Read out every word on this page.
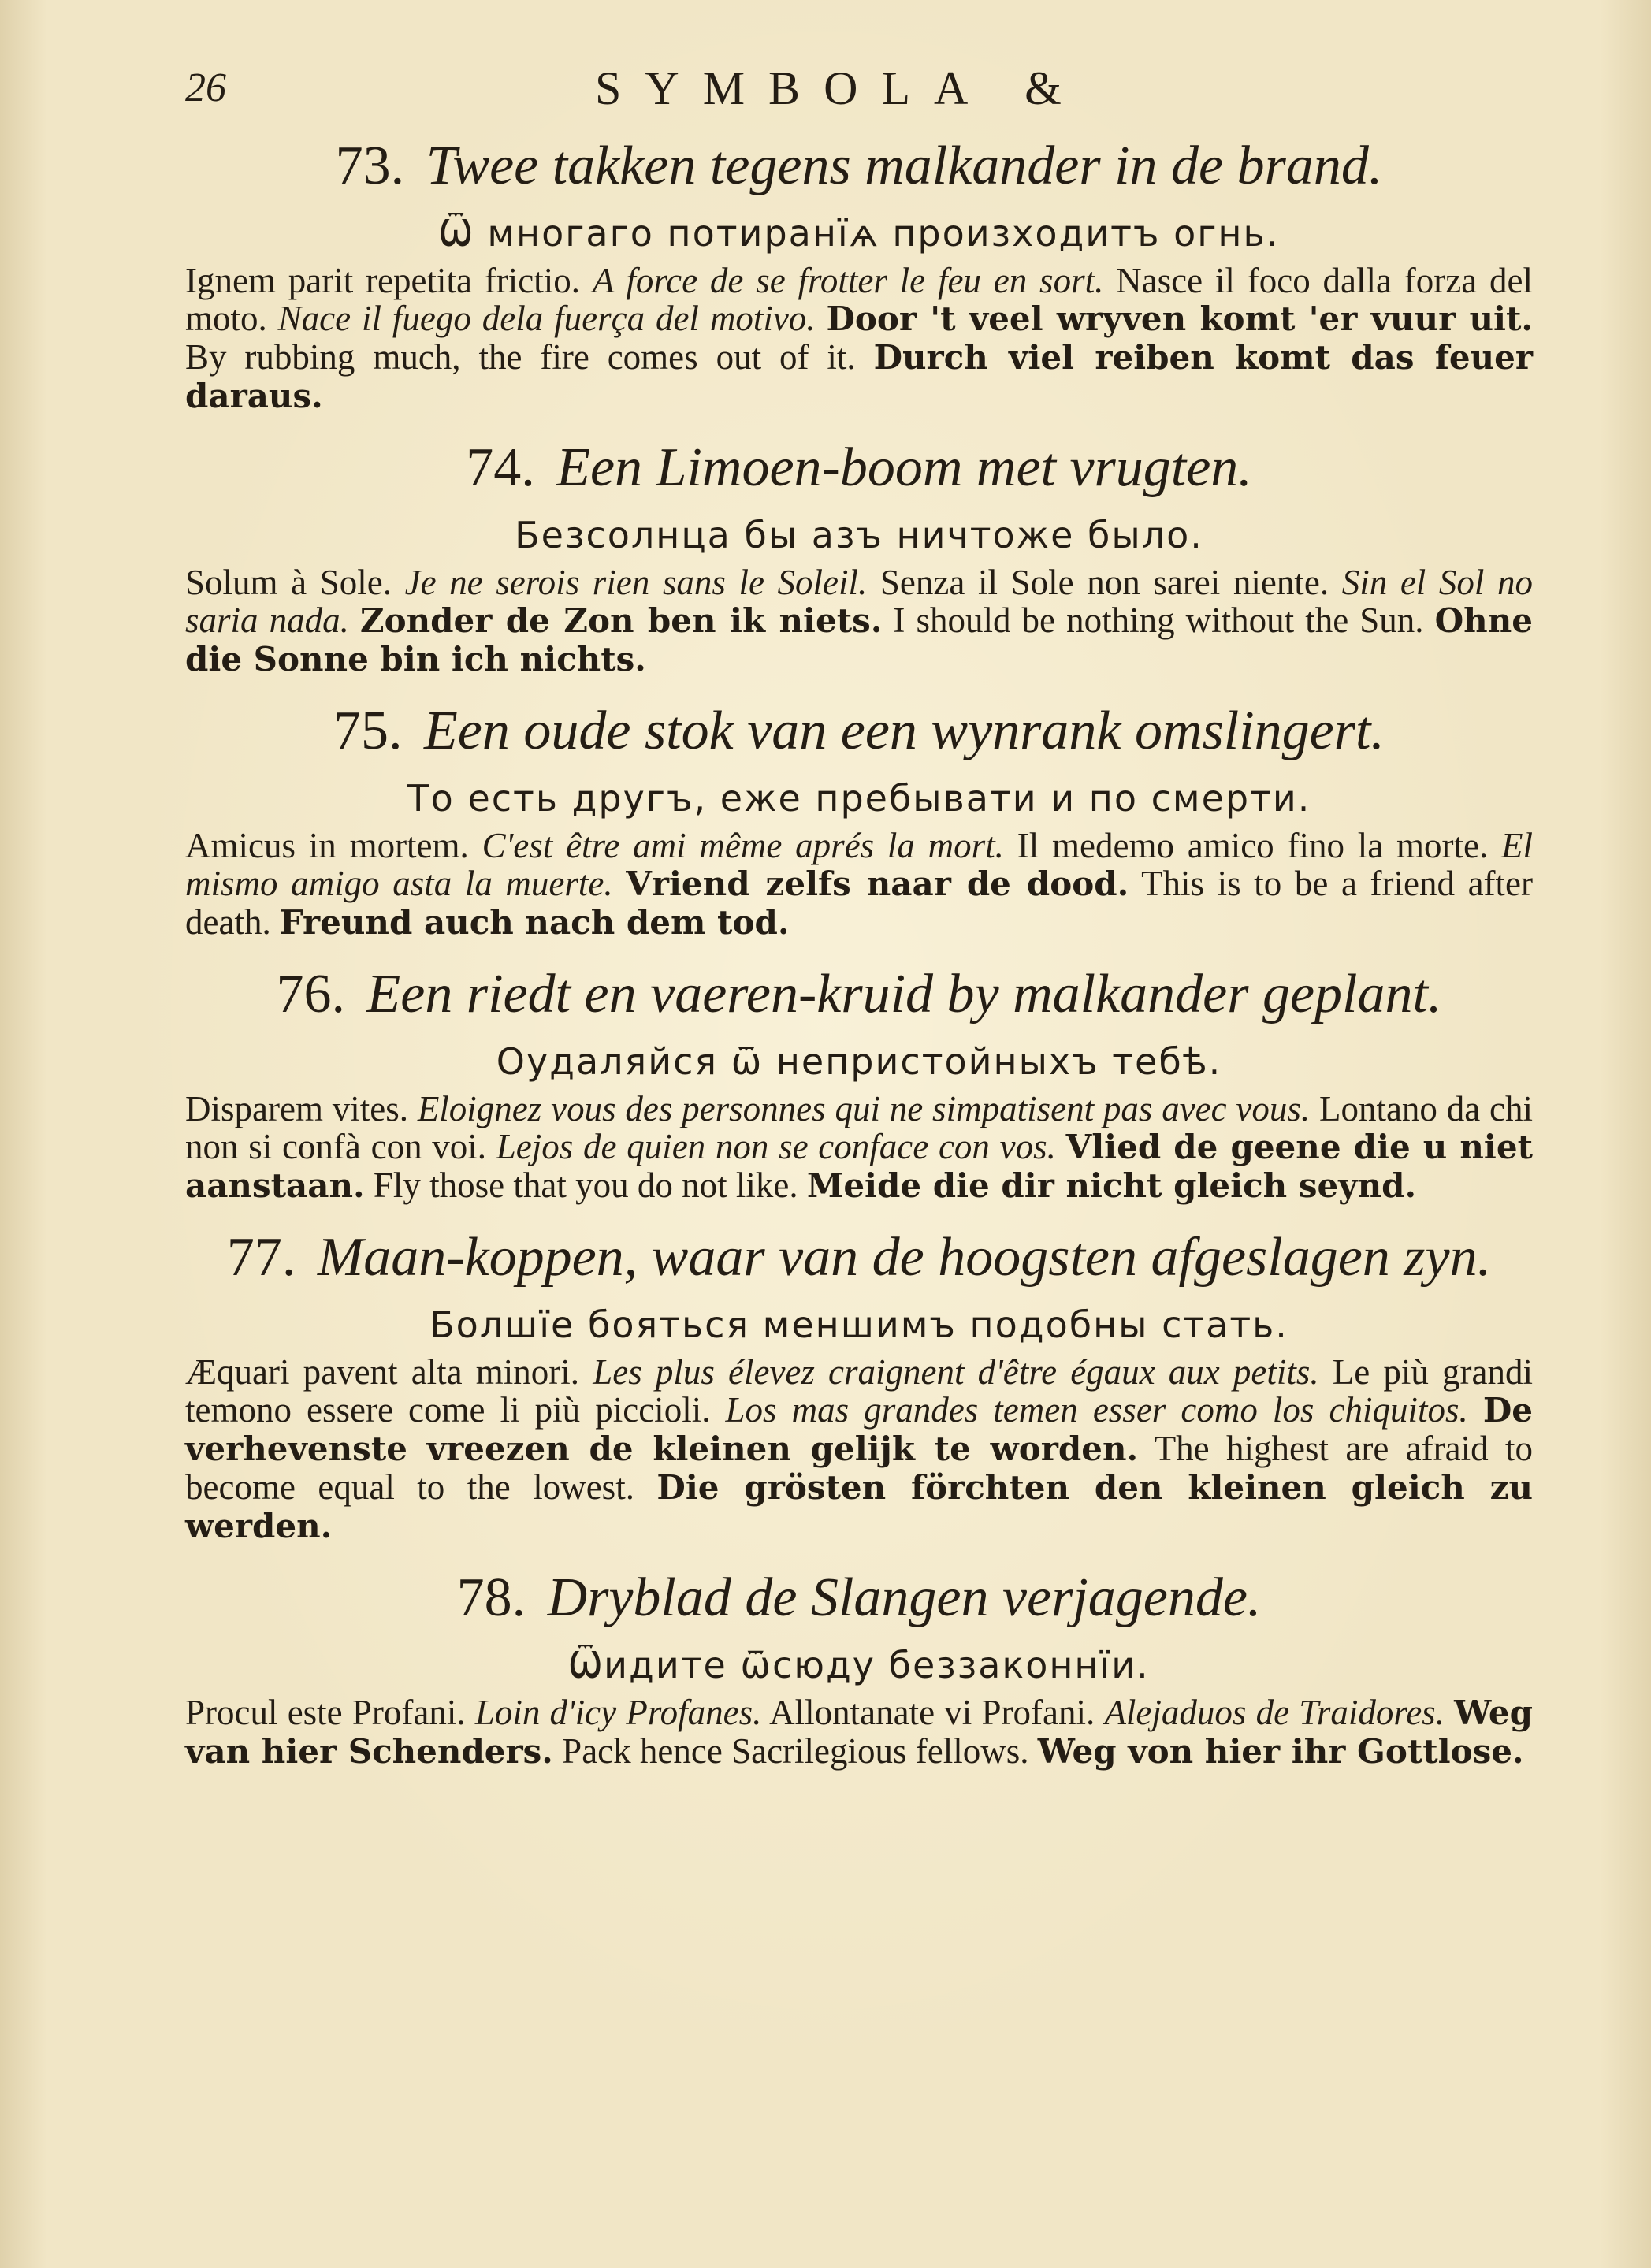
26	SYMBOLA &
73. Twee takken tegens malkander in de brand.
Ѿ многаго потиранїѧ произходитъ огнь.
Ignem parit repetita frictio. A force de se frotter le feu en sort. Nasce il foco dalla forza del moto. Nace il fuego dela fuerça del motivo. Door 't veel wryven komt 'er vuur uit. By rubbing much, the fire comes out of it. Durch viel reiben komt das feuer daraus.
74. Een Limoen-boom met vrugten.
Безсолнца бы азъ ничтоже было.
Solum à Sole. Je ne serois rien sans le Soleil. Senza il Sole non sarei niente. Sin el Sol no saria nada. Zonder de Zon ben ik niets. I should be nothing without the Sun. Ohne die Sonne bin ich nichts.
75. Een oude stok van een wynrank omslingert.
То есть другъ, еже пребывати и по смерти.
Amicus in mortem. C'est être ami même aprés la mort. Il medemo amico fino la morte. El mismo amigo asta la muerte. Vriend zelfs naar de dood. This is to be a friend after death. Freund auch nach dem tod.
76. Een riedt en vaeren-kruid by malkander geplant.
Оудаляйся ѿ непристойныхъ тебѣ.
Disparem vites. Eloignez vous des personnes qui ne simpatisent pas avec vous. Lontano da chi non si confà con voi. Lejos de quien non se conface con vos. Vlied de geene die u niet aanstaan. Fly those that you do not like. Meide die dir nicht gleich seynd.
77. Maan-koppen, waar van de hoogsten afgeslagen zyn.
Болшїе бояться меншимъ подобны стать.
Æquari pavent alta minori. Les plus élevez craignent d'être égaux aux petits. Le più grandi temono essere come li più piccioli. Los mas grandes temen esser como los chiquitos. De verhevenste vreezen de kleinen gelijk te worden. The highest are afraid to become equal to the lowest. Die grösten förchten den kleinen gleich zu werden.
78. Dryblad de Slangen verjagende.
Ѿидите ѿсюду беззаконнїи.
Procul este Profani. Loin d'icy Profanes. Allontanate vi Profani. Alejaduos de Traidores. Weg van hier Schenders. Pack hence Sacrilegious fellows. Weg von hier ihr Gottlose.
